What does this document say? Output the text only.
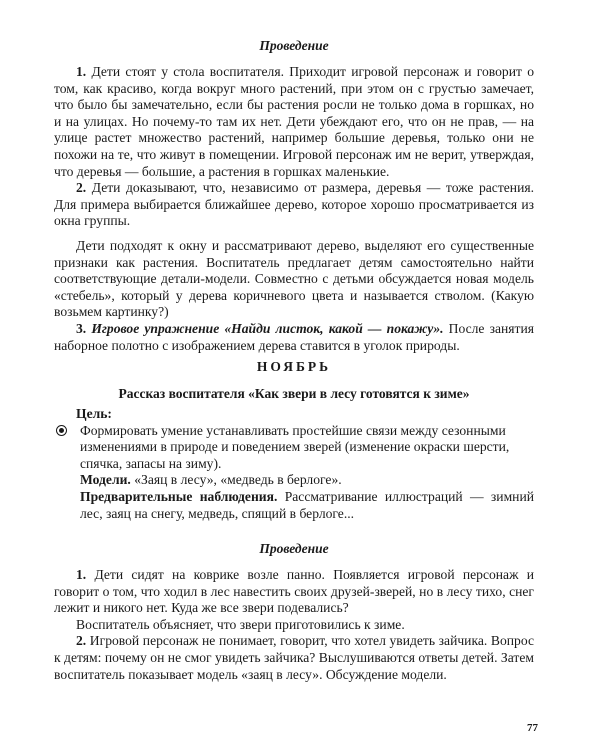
Проведение

1. Дети стоят у стола воспитателя. Приходит игровой персонаж и говорит о том, как красиво, когда вокруг много растений, при этом он с грустью замечает, что было бы замечательно, если бы растения росли не только дома в горшках, но и на улицах. Но почему-то там их нет. Дети убеждают его, что он не прав, — на улице растет множество растений, например большие деревья, только они не похожи на те, что живут в помещении. Игровой персонаж им не верит, утверждая, что деревья — большие, а растения в горшках маленькие.

2. Дети доказывают, что, независимо от размера, деревья — тоже растения. Для примера выбирается ближайшее дерево, которое хорошо просматривается из окна группы.

Дети подходят к окну и рассматривают дерево, выделяют его существенные признаки как растения. Воспитатель предлагает детям самостоятельно найти соответствующие детали-модели. Совместно с детьми обсуждается новая модель «стебель», который у дерева коричневого цвета и называется стволом. (Какую возьмем картинку?)

3. Игровое упражнение «Найди листок, какой — покажу». После занятия наборное полотно с изображением дерева ставится в уголок природы.

НОЯБРЬ

Рассказ воспитателя «Как звери в лесу готовятся к зиме»

Цель:

Формировать умение устанавливать простейшие связи между сезонными изменениями в природе и поведением зверей (изменение окраски шерсти, спячка, запасы на зиму).

Модели. «Заяц в лесу», «медведь в берлоге».

Предварительные наблюдения. Рассматривание иллюстраций — зимний лес, заяц на снегу, медведь, спящий в берлоге...

Проведение

1. Дети сидят на коврике возле панно. Появляется игровой персонаж и говорит о том, что ходил в лес навестить своих друзей-зверей, но в лесу тихо, снег лежит и никого нет. Куда же все звери подевались?

Воспитатель объясняет, что звери приготовились к зиме.

2. Игровой персонаж не понимает, говорит, что хотел увидеть зайчика. Вопрос к детям: почему он не смог увидеть зайчика? Выслушиваются ответы детей. Затем воспитатель показывает модель «заяц в лесу». Обсуждение модели.

77
